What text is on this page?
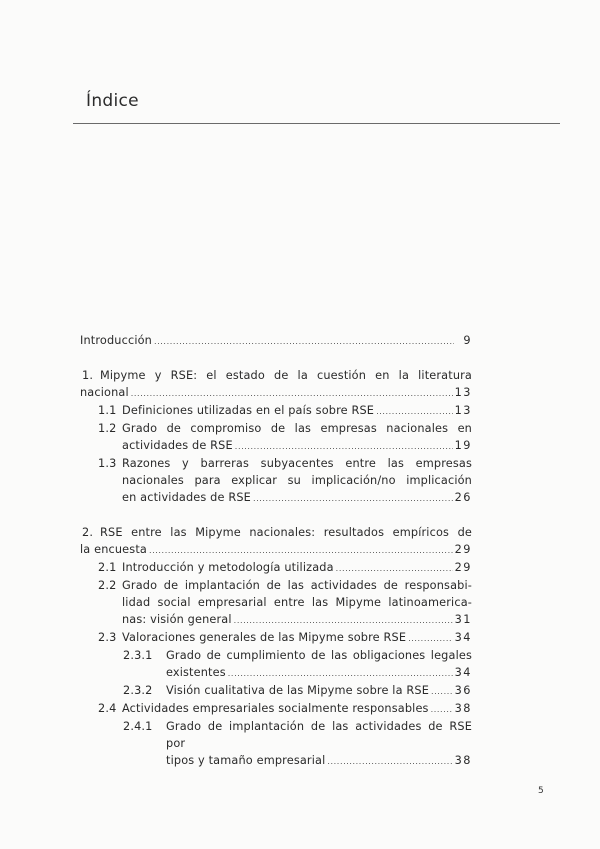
Índice
Introducción .....	9
1. Mipyme y RSE: el estado de la cuestión en la literatura
nacional .....	13
1.1 Definiciones utilizadas en el país sobre RSE .....	13
1.2 Grado de compromiso de las empresas nacionales en
actividades de RSE .....	19
1.3 Razones y barreras subyacentes entre las empresas
nacionales para explicar su implicación/no implicación
en actividades de RSE .....	26
2. RSE entre las Mipyme nacionales: resultados empíricos de
la encuesta .....	29
2.1 Introducción y metodología utilizada .....	29
2.2 Grado de implantación de las actividades de responsabi-
lidad social empresarial entre las Mipyme latinoamerica-
nas: visión general .....	31
2.3 Valoraciones generales de las Mipyme sobre RSE .....	34
2.3.1 Grado de cumplimiento de las obligaciones legales
existentes .....	34
2.3.2 Visión cualitativa de las Mipyme sobre la RSE ..... 36
2.4 Actividades empresariales socialmente responsables ..... 38
2.4.1 Grado de implantación de las actividades de RSE por
tipos y tamaño empresarial .....	38
5
